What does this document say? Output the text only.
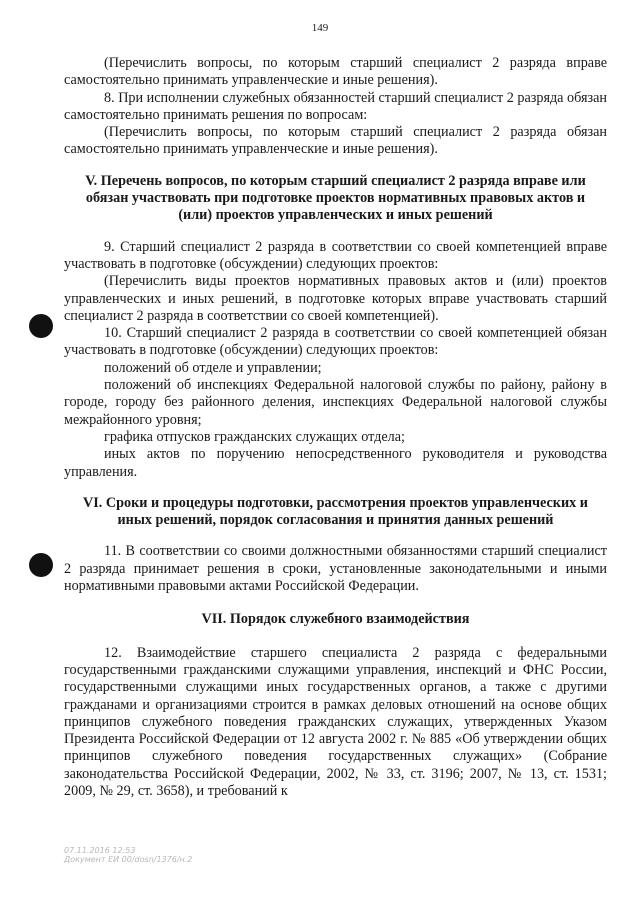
149

(Перечислить вопросы, по которым старший специалист 2 разряда вправе самостоятельно принимать управленческие и иные решения).

8. При исполнении служебных обязанностей старший специалист 2 разряда обязан самостоятельно принимать решения по вопросам:

(Перечислить вопросы, по которым старший специалист 2 разряда обязан самостоятельно принимать управленческие и иные решения).

V. Перечень вопросов, по которым старший специалист 2 разряда вправе или обязан участвовать при подготовке проектов нормативных правовых актов и (или) проектов управленческих и иных решений

9. Старший специалист 2 разряда в соответствии со своей компетенцией вправе участвовать в подготовке (обсуждении) следующих проектов:

(Перечислить виды проектов нормативных правовых актов и (или) проектов управленческих и иных решений, в подготовке которых вправе участвовать старший специалист 2 разряда в соответствии со своей компетенцией).

10. Старший специалист 2 разряда в соответствии со своей компетенцией обязан участвовать в подготовке (обсуждении) следующих проектов:

положений об отделе и управлении;

положений об инспекциях Федеральной налоговой службы по району, району в городе, городу без районного деления, инспекциях Федеральной налоговой службы межрайонного уровня;

графика отпусков гражданских служащих отдела;

иных актов по поручению непосредственного руководителя и руководства управления.

VI. Сроки и процедуры подготовки, рассмотрения проектов управленческих и иных решений, порядок согласования и принятия данных решений

11. В соответствии со своими должностными обязанностями старший специалист 2 разряда принимает решения в сроки, установленные законодательными и иными нормативными правовыми актами Российской Федерации.

VII. Порядок служебного взаимодействия

12. Взаимодействие старшего специалиста 2 разряда с федеральными государственными гражданскими служащими управления, инспекций и ФНС России, государственными служащими иных государственных органов, а также с другими гражданами и организациями строится в рамках деловых отношений на основе общих принципов служебного поведения гражданских служащих, утвержденных Указом Президента Российской Федерации от 12 августа 2002 г. № 885 «Об утверждении общих принципов служебного поведения государственных служащих» (Собрание законодательства Российской Федерации, 2002, № 33, ст. 3196; 2007, № 13, ст. 1531; 2009, № 29, ст. 3658), и требований к

07.11.2016 12:53
Документ ЕИ 00/dosn/1376/н.2
